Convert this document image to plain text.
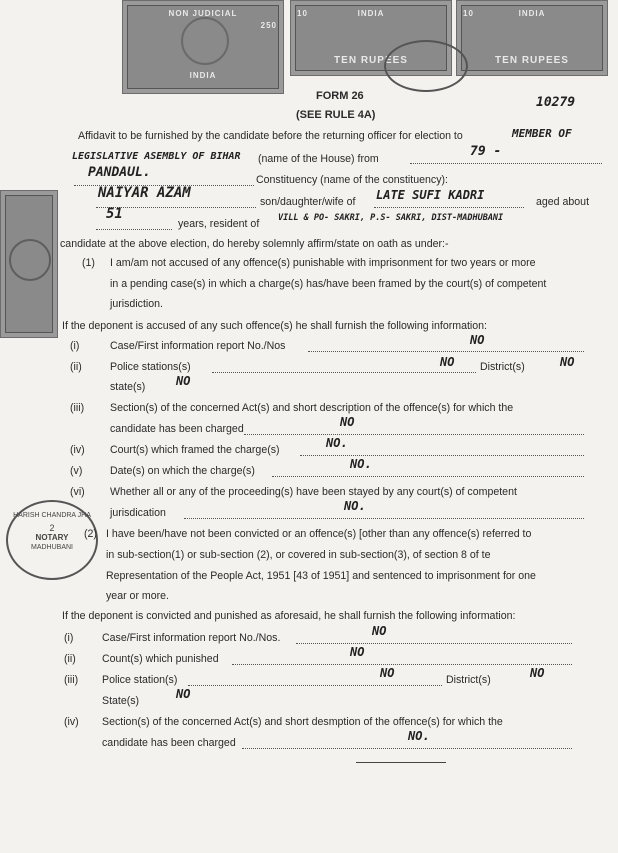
NON JUDICIAL
250
INDIA
10	INDIA
TEN RUPEES
10	INDIA
TEN RUPEES
FORM 26
(SEE RULE 4A)
10279
Affidavit to be furnished by the candidate before the returning officer for election to	MEMBER OF
LEGISLATIVE ASEMBLY OF BIHAR (name of the House) from	79 -
PANDAUL.	Constituency (name of the constituency):
NAIYAR AZAM
son/daughter/wife of LATE SUFI KADRI	aged about
51
years, resident of VILL & PO- SAKRI, P.S- SAKRI, DIST-MADHUBANI
candidate at the above election, do hereby solemnly affirm/state on oath as under:-
(1) I am/am not accused of any offence(s) punishable with imprisonment for two years or more
in a pending case(s) in which a charge(s) has/have been framed by the court(s) of competent
jurisdiction.
If the deponent is accused of any such offence(s) he shall furnish the following information:
(i)	Case/First information report No./Nos	NO
(ii)	Police stations(s)	NO District(s)	NO
state(s)	NO
(iii) Section(s) of the concerned Act(s) and short description of the offence(s) for which the
candidate has been charged	NO
(iv) Court(s) which framed the charge(s)	NO.
(v)	Date(s) on which the charge(s)	NO.
(vi) Whether all or any of the proceeding(s) have been stayed by any court(s) of competent
jurisdication	NO.
HARISH CHANDRA JHA
2
NOTARY
MADHUBANI
(2) I have been/have not been convicted or an offence(s) [other than any offence(s) referred to
in sub-section(1) or sub-section (2), or covered in sub-section(3), of section 8 of te
Representation of the People Act, 1951 [43 of 1951] and sentenced to imprisonment for one
year or more.
If the deponent is convicted and punished as aforesaid, he shall furnish the following information:
(i)	Case/First information report No./Nos.	NO
(ii) Count(s) which punished	NO
(iii) Police station(s)	NO	District(s)	NO
State(s)	NO
(iv) Section(s) of the concerned Act(s) and short desmption of the offence(s) for which the
candidate has been charged	NO.
